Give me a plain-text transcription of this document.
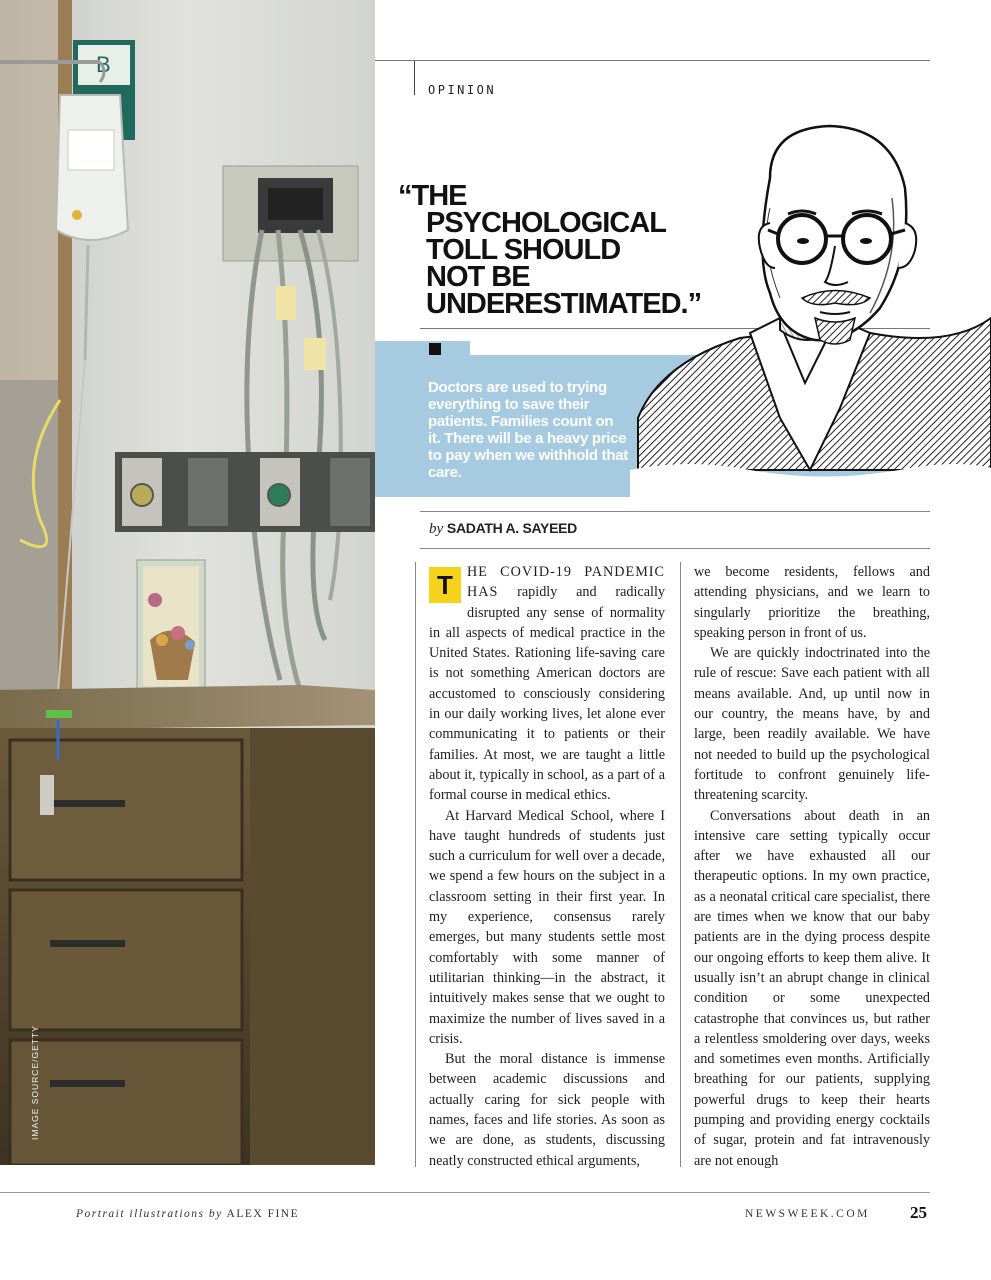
B
IMAGE SOURCE/GETTY
OPINION
“THE
PSYCHOLOGICAL
TOLL SHOULD
NOT BE
UNDERESTIMATED.”
Doctors are used to trying everything to save their patients. Families count on it. There will be a heavy price to pay when we withhold that care.
by SADATH A. SAYEED

T HE COVID-19 PANDEMIC HAS rapidly and radically disrupted any sense of normality in all aspects of medical practice in the United States. Rationing life-saving care is not something American doctors are accustomed to consciously considering in our daily working lives, let alone ever communicating it to patients or their families. At most, we are taught a little about it, typically in school, as a part of a formal course in medical ethics.

At Harvard Medical School, where I have taught hundreds of students just such a curriculum for well over a decade, we spend a few hours on the subject in a classroom setting in their first year. In my experience, consensus rarely emerges, but many students settle most comfortably with some manner of utilitarian thinking—in the abstract, it intuitively makes sense that we ought to maximize the number of lives saved in a crisis.

But the moral distance is immense between academic discussions and actually caring for sick people with names, faces and life stories. As soon as we are done, as students, discussing neatly constructed ethical arguments,

we become residents, fellows and attending physicians, and we learn to singularly prioritize the breathing, speaking person in front of us.

We are quickly indoctrinated into the rule of rescue: Save each patient with all means available. And, up until now in our country, the means have, by and large, been readily available. We have not needed to build up the psychological fortitude to confront genuinely life-threatening scarcity.

Conversations about death in an intensive care setting typically occur after we have exhausted all our therapeutic options. In my own practice, as a neonatal critical care specialist, there are times when we know that our baby patients are in the dying process despite our ongoing efforts to keep them alive. It usually isn’t an abrupt change in clinical condition or some unexpected catastrophe that convinces us, but rather a relentless smoldering over days, weeks and sometimes even months. Artificially breathing for our patients, supplying powerful drugs to keep their hearts pumping and providing energy cocktails of sugar, protein and fat intravenously are not enough

Portrait illustrations by ALEX FINE	NEWSWEEK.COM 25
